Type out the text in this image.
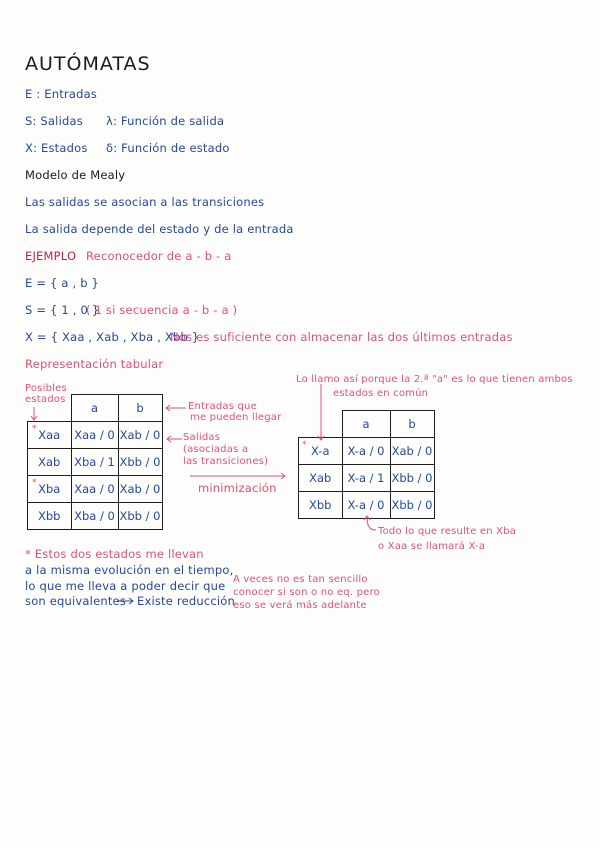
AUTÓMATAS
E : Entradas
S: Salidas λ: Función de salida
X: Estados δ: Función de estado
Modelo de Mealy
Las salidas se asocian a las transiciones
La salida depende del estado y de la entrada
EJEMPLO Reconocedor de a - b - a
E = { a , b }
S = { 1 , 0 }
( 1 si secuencia a - b - a )
X = { Xaa , Xab , Xba , Xbb }
Nos es suficiente con almacenar las dos últimos entradas
Representación tabular
Posibles
estados
Entradas que
me pueden llegar
Salidas
(asociadas a
las transiciones)
minimización
	a	b
Xaa	Xaa / 0	Xab / 0
Xab	Xba / 1	Xbb / 0
Xba	Xaa / 0	Xab / 0
Xbb	Xba / 0	Xbb / 0
*
*
Lo llamo así porque la 2.ª "a" es lo que tienen ambos
estados en común
	a	b
X-a	X-a / 0	Xab / 0
Xab	X-a / 1	Xbb / 0
Xbb	X-a / 0	Xbb / 0
*
Todo lo que resulte en Xba
o Xaa se llamará X-a
* Estos dos estados me llevan
a la misma evolución en el tiempo,
lo que me lleva a poder decir que
son equivalentes Existe reducción
A veces no es tan sencillo
conocer si son o no eq. pero
eso se verá más adelante
